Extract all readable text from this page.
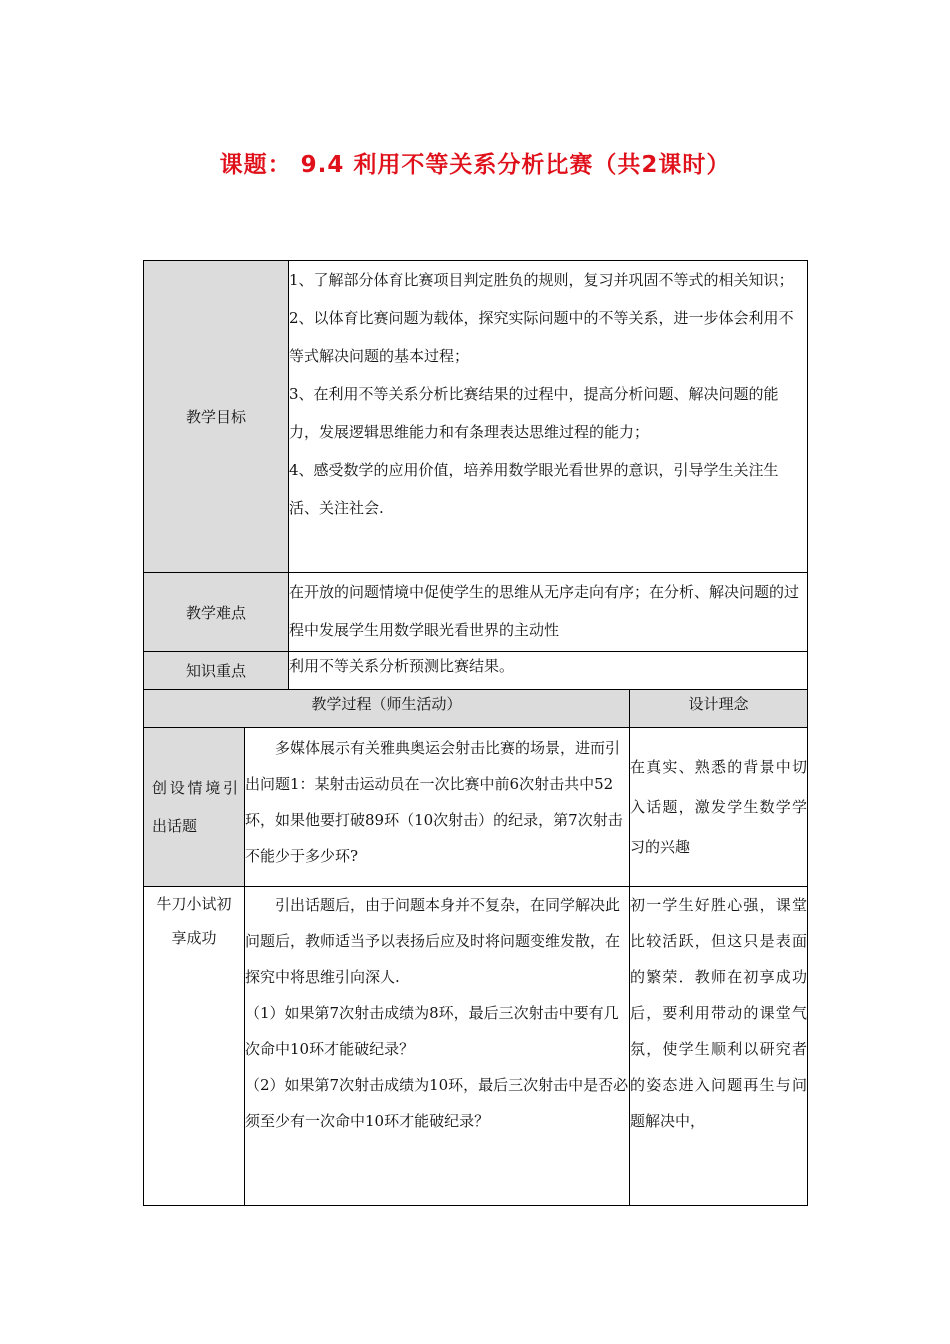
课题： 9.4 利用不等关系分析比赛（共2课时）
教学目标		1、了解部分体育比赛项目判定胜负的规则，复习并巩固不等式的相关知识；

2、以体育比赛问题为载体，探究实际问题中的不等关系，进一步体会利用不等式解决问题的基本过程；

3、在利用不等关系分析比赛结果的过程中，提高分析问题、解决问题的能力，发展逻辑思维能力和有条理表达思维过程的能力；

4、感受数学的应用价值，培养用数学眼光看世界的意识，引导学生关注生活、关注社会.	

教学难点		在开放的问题情境中促使学生的思维从无序走向有序；在分析、解决问题的过程中发展学生用数学眼光看世界的主动性	
知识重点		利用不等关系分析预测比赛结果。	
教学过程（师生活动）			设计理念
创设情境引出话题	多媒体展示有关雅典奥运会射击比赛的场景，进而引出问题1：某射击运动员在一次比赛中前6次射击共中52环，如果他要打破89环（10次射击）的纪录，第7次射击不能少于多少环?		在真实、熟悉的背景中切入话题，激发学生数学学习的兴趣

牛刀小试初享成功	引出话题后，由于问题本身并不复杂，在同学解决此问题后，教师适当予以表扬后应及时将问题变维发散，在探究中将思维引向深人.

（1）如果第7次射击成绩为8环，最后三次射击中要有几次命中10环才能破纪录？

（2）如果第7次射击成绩为10环，最后三次射击中是否必须至少有一次命中10环才能破纪录？		初一学生好胜心强，课堂比较活跃，但这只是表面的繁荣．教师在初享成功后，要利用带动的课堂气氛，使学生顺利以研究者的姿态进入问题再生与问题解决中，
